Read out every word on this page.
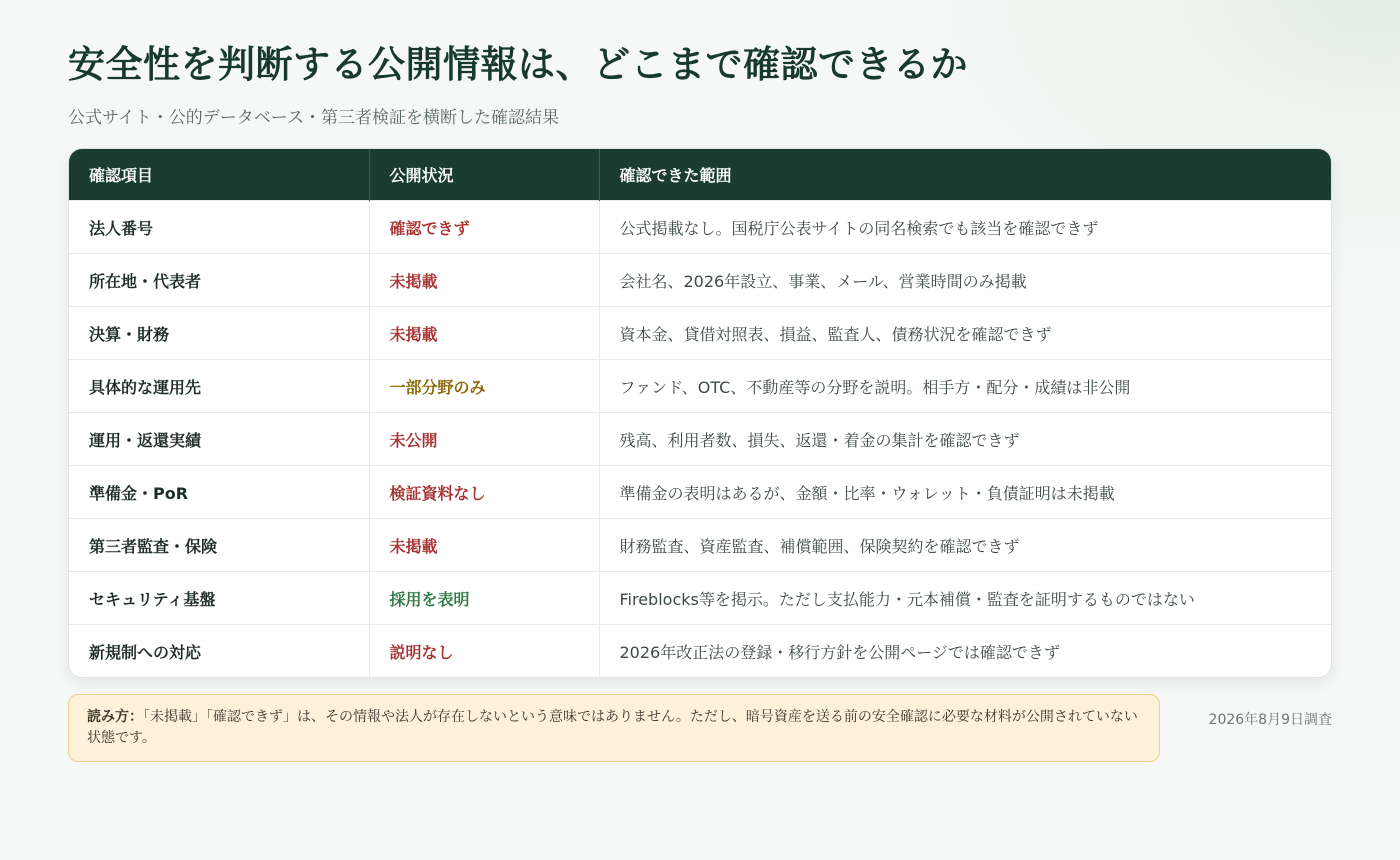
安全性を判断する公開情報は、どこまで確認できるか
公式サイト・公的データベース・第三者検証を横断した確認結果
確認項目	公開状況	確認できた範囲
法人番号	確認できず	公式掲載なし。国税庁公表サイトの同名検索でも該当を確認できず
所在地・代表者	未掲載	会社名、2026年設立、事業、メール、営業時間のみ掲載
決算・財務	未掲載	資本金、貸借対照表、損益、監査人、債務状況を確認できず
具体的な運用先	一部分野のみ	ファンド、OTC、不動産等の分野を説明。相手方・配分・成績は非公開
運用・返還実績	未公開	残高、利用者数、損失、返還・着金の集計を確認できず
準備金・PoR	検証資料なし	準備金の表明はあるが、金額・比率・ウォレット・負債証明は未掲載
第三者監査・保険	未掲載	財務監査、資産監査、補償範囲、保険契約を確認できず
セキュリティ基盤	採用を表明	Fireblocks等を掲示。ただし支払能力・元本補償・監査を証明するものではない
新規制への対応	説明なし	2026年改正法の登録・移行方針を公開ページでは確認できず
読み方：「未掲載」「確認できず」は、その情報や法人が存在しないという意味ではありません。ただし、暗号資産を送る前の安全確認に必要な材料が公開されていない状態です。
2026年8月9日調査
